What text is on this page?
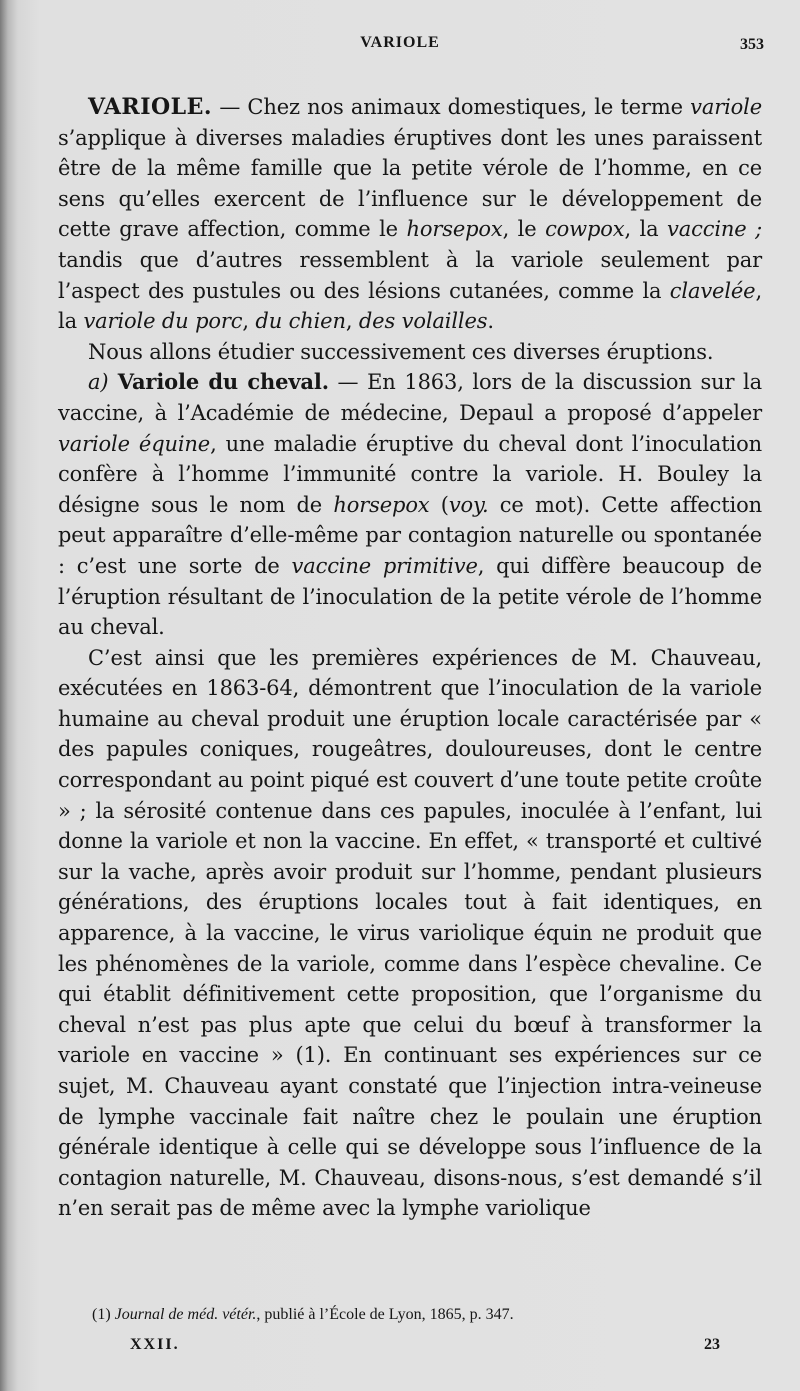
VARIOLE	353

VARIOLE. — Chez nos animaux domestiques, le terme variole s’applique à diverses maladies éruptives dont les unes paraissent être de la même famille que la petite vérole de l’homme, en ce sens qu’elles exercent de l’influence sur le développement de cette grave affection, comme le horsepox, le cowpox, la vaccine ; tandis que d’autres ressemblent à la variole seulement par l’aspect des pustules ou des lésions cutanées, comme la clavelée, la variole du porc, du chien, des volailles.

Nous allons étudier successivement ces diverses éruptions.

a) Variole du cheval. — En 1863, lors de la discussion sur la vaccine, à l’Académie de médecine, Depaul a proposé d’appeler variole équine, une maladie éruptive du cheval dont l’inoculation confère à l’homme l’immunité contre la variole. H. Bouley la désigne sous le nom de horsepox (voy. ce mot). Cette affection peut apparaître d’elle-même par contagion naturelle ou spontanée : c’est une sorte de vaccine primitive, qui diffère beaucoup de l’éruption résultant de l’inoculation de la petite vérole de l’homme au cheval.

C’est ainsi que les premières expériences de M. Chauveau, exécutées en 1863-64, démontrent que l’inoculation de la variole humaine au cheval produit une éruption locale caractérisée par « des papules coniques, rougeâtres, douloureuses, dont le centre correspondant au point piqué est couvert d’une toute petite croûte » ; la sérosité contenue dans ces papules, inoculée à l’enfant, lui donne la variole et non la vaccine. En effet, « transporté et cultivé sur la vache, après avoir produit sur l’homme, pendant plusieurs générations, des éruptions locales tout à fait identiques, en apparence, à la vaccine, le virus variolique équin ne produit que les phénomènes de la variole, comme dans l’espèce chevaline. Ce qui établit définitivement cette proposition, que l’organisme du cheval n’est pas plus apte que celui du bœuf à transformer la variole en vaccine » (1). En continuant ses expériences sur ce sujet, M. Chauveau ayant constaté que l’injection intra-veineuse de lymphe vaccinale fait naître chez le poulain une éruption générale identique à celle qui se développe sous l’influence de la contagion naturelle, M. Chauveau, disons-nous, s’est demandé s’il n’en serait pas de même avec la lymphe variolique

(1) Journal de méd. vétér., publié à l’École de Lyon, 1865, p. 347.
XXII.	23
